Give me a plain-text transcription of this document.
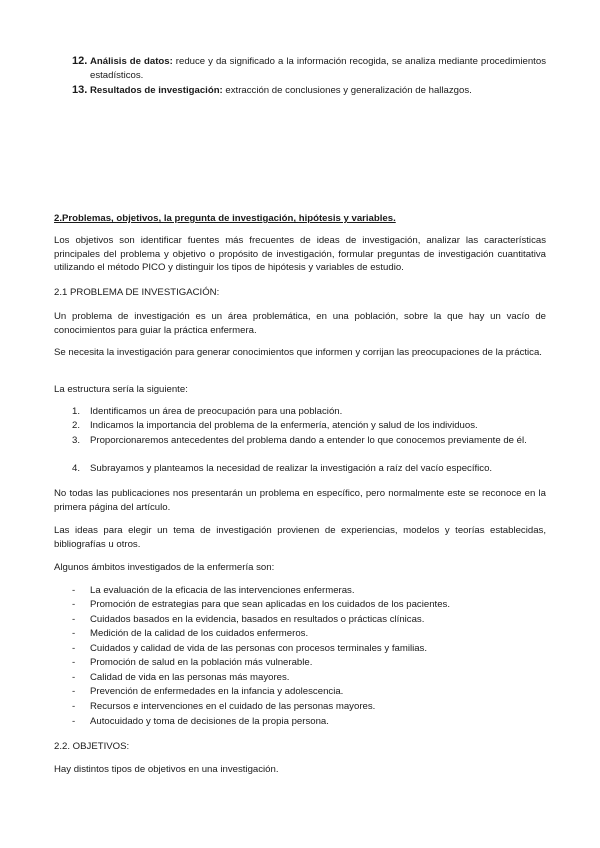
12. Análisis de datos: reduce y da significado a la información recogida, se analiza mediante procedimientos estadísticos.
13. Resultados de investigación: extracción de conclusiones y generalización de hallazgos.
2.Problemas, objetivos, la pregunta de investigación, hipótesis y variables.
Los objetivos son identificar fuentes más frecuentes de ideas de investigación, analizar las características principales del problema y objetivo o propósito de investigación, formular preguntas de investigación cuantitativa utilizando el método PICO y distinguir los tipos de hipótesis y variables de estudio.
2.1 PROBLEMA DE INVESTIGACIÓN:
Un problema de investigación es un área problemática, en una población, sobre la que hay un vacío de conocimientos para guiar la práctica enfermera.
Se necesita la investigación para generar conocimientos que informen y corrijan las preocupaciones de la práctica.
La estructura sería la siguiente:
1. Identificamos un área de preocupación para una población.
2. Indicamos la importancia del problema de la enfermería, atención y salud de los individuos.
3. Proporcionaremos antecedentes del problema dando a entender lo que conocemos previamente de él.
4. Subrayamos y planteamos la necesidad de realizar la investigación a raíz del vacío específico.
No todas las publicaciones nos presentarán un problema en específico, pero normalmente este se reconoce en la primera página del artículo.
Las ideas para elegir un tema de investigación provienen de experiencias, modelos y teorías establecidas, bibliografías u otros.
Algunos ámbitos investigados de la enfermería son:
- La evaluación de la eficacia de las intervenciones enfermeras.
- Promoción de estrategias para que sean aplicadas en los cuidados de los pacientes.
- Cuidados basados en la evidencia, basados en resultados o prácticas clínicas.
- Medición de la calidad de los cuidados enfermeros.
- Cuidados y calidad de vida de las personas con procesos terminales y familias.
- Promoción de salud en la población más vulnerable.
- Calidad de vida en las personas más mayores.
- Prevención de enfermedades en la infancia y adolescencia.
- Recursos e intervenciones en el cuidado de las personas mayores.
- Autocuidado y toma de decisiones de la propia persona.
2.2. OBJETIVOS:
Hay distintos tipos de objetivos en una investigación.
